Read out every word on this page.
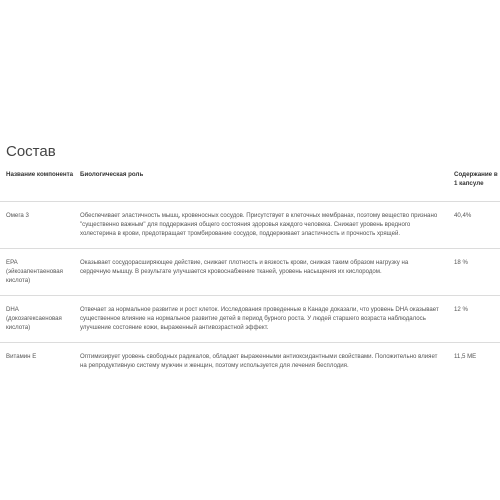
Состав
Название компонента	Биологическая роль	Содержание в 1 капсуле
Омега 3	Обеспечивает эластичность мышц, кровеносных сосудов. Присутствует в клеточных мембранах, поэтому вещество признано "существенно важным" для поддержания общего состояния здоровья каждого человека. Снижает уровень вредного холестерина в крови, предотвращает тромбирование сосудов, поддерживает эластичность и прочность хрящей.	40,4%
EPA (эйкозапентаеновая кислота)	Оказывает сосудорасширяющее действие, снижает плотность и вязкость крови, снижая таким образом нагрузку на сердечную мышцу. В результате улучшается кровоснабжение тканей, уровень насыщения их кислородом.	18 %
DHA (докозагексаеновая кислота)	Отвечает за нормальное развитие и рост клеток. Исследования проведенные в Канаде доказали, что уровень DHA оказывает существенное влияние на нормальное развитие детей в период бурного роста. У людей старшего возраста наблюдалось улучшение состояние кожи, выраженный антивозрастной эффект.	12 %
Витамин Е	Оптимизирует уровень свободных радикалов, обладает выраженными антиоксидантными свойствами. Положительно влияет на репродуктивную систему мужчин и женщин, поэтому используется для лечения бесплодия.	11,5 МЕ
